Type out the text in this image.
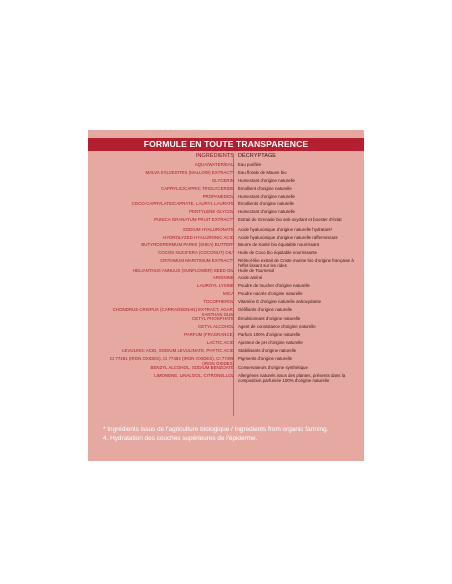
FORMULE EN TOUTE TRANSPARENCE
INGRÉDIENTS DÉCRYPTAGE
AQUA/WATER/EAU Eau purifiée
MALVA SYLVESTRIS (MALLOW) EXTRACT* Eau florale de Mauve bio
GLYCERIN Humectant d'origine naturelle
CAPRYLIC/CAPRIC TRIGLYCERIDE Émollient d'origine naturelle
PROPANEDIOL Humectant d'origine naturelle
COCO-CAPRYLATE/CAPRATE, LAURYL LAURATE Émollients d'origine naturelle
PENTYLENE GLYCOL Humectant d'origine naturelle
PUNICA GRANATUM FRUIT EXTRACT* Extrait de Grenade bio anti-oxydant et booster d'éclat
SODIUM HYALURONATE Acide hyaluronique d'origine naturelle hydratant⁴
HYDROLYZED HYALURONIC ACID Acide hyaluronique d'origine naturelle raffermissant
BUTYROSPERMUM PARKII (SHEA) BUTTER* Beurre de Karité bio équitable nourrissant
COCOS NUCIFERA (COCONUT) OIL* Huile de Coco bio équitable nourrissante
CRITHMUM MARITIMUM EXTRACT* Rétinol-like extrait de Criste marine bio d'origine française à l'effet lissant sur les rides
HELIANTHUS ANNUUS (SUNFLOWER) SEED OIL Huile de Tournesol
ARGININE Acide aminé
LAUROYL LYSINE Poudre de toucher d'origine naturelle
MICA Poudre nacrée d'origine naturelle
TOCOPHEROL Vitamine E d'origine naturelle antioxydante
CHONDRUS CRISPUS (CARRAGEENAN) EXTRACT, AGAR, XANTHAN GUM
Gélifiants d'origine naturelle
CETYL PHOSPHATE Émulsionnant d'origine naturelle
CETYL ALCOHOL Agent de consistance d'origine naturelle
PARFUM (FRAGRANCE) Parfum 100% d'origine naturelle
LACTIC ACID Ajusteur de pH d'origine naturelle
LEVULINIC ACID, SODIUM LEVULINATE, PHYTIC ACID Stabilisants d'origine naturelle
CI 77491 (IRON OXIDES), CI 77492 (IRON OXIDES), CI 77499 (IRON OXIDES)
Pigments d'origine naturelle
BENZYL ALCOHOL, SODIUM BENZOATE Conservateurs d'origine synthétique
LIMONENE, LINALOOL, CITRONELLOL Allergènes naturels issus des plantes, présents dans la composition parfumée 100% d'origine naturelle
* Ingrédients issus de l'agriculture biologique / Ingredients from organic farming.
4. Hydratation des couches supérieures de l'épiderme.
